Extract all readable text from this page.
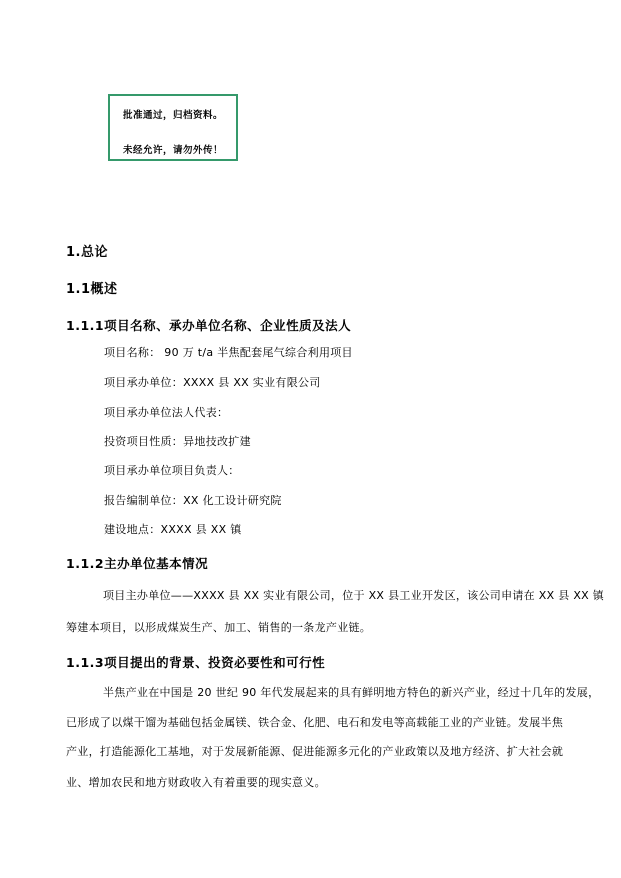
批准通过，归档资料。
未经允许，请勿外传！
1.总论
1.1概述
1.1.1项目名称、承办单位名称、企业性质及法人
项目名称： 90 万 t/a 半焦配套尾气综合利用项目
项目承办单位：XXXX 县 XX 实业有限公司
项目承办单位法人代表：
投资项目性质：异地技改扩建
项目承办单位项目负责人：
报告编制单位：XX 化工设计研究院
建设地点：XXXX 县 XX 镇
1.1.2主办单位基本情况
项目主办单位——XXXX 县 XX 实业有限公司，位于 XX 县工业开发区，该公司申请在 XX 县 XX 镇
筹建本项目，以形成煤炭生产、加工、销售的一条龙产业链。
1.1.3项目提出的背景、投资必要性和可行性
半焦产业在中国是 20 世纪 90 年代发展起来的具有鲜明地方特色的新兴产业，经过十几年的发展，
已形成了以煤干馏为基础包括金属镁、铁合金、化肥、电石和发电等高载能工业的产业链。发展半焦
产业，打造能源化工基地，对于发展新能源、促进能源多元化的产业政策以及地方经济、扩大社会就
业、增加农民和地方财政收入有着重要的现实意义。
